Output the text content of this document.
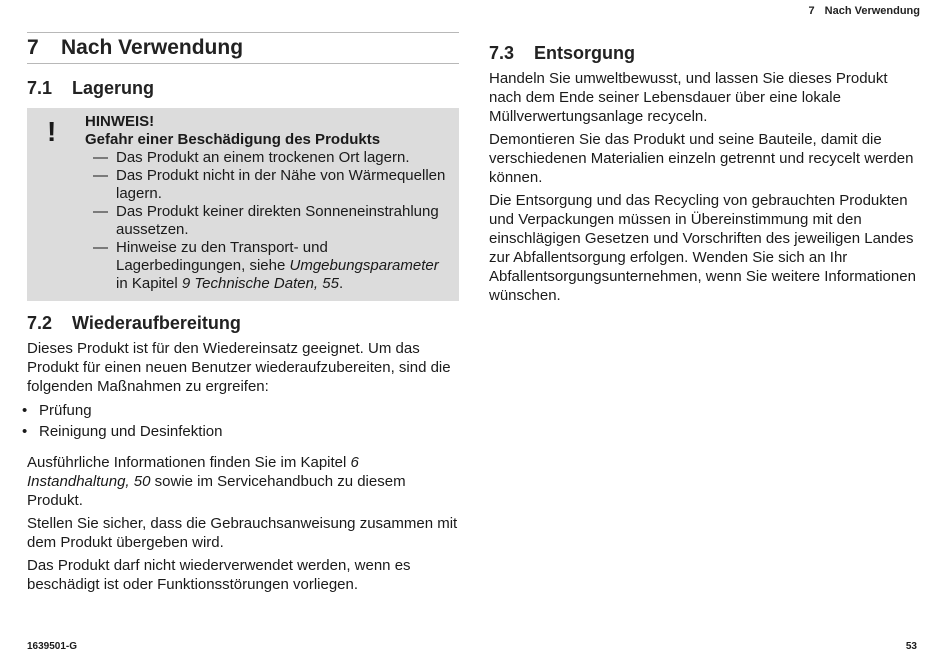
7 Nach Verwendung
7 Nach Verwendung
7.1 Lagerung
! HINWEIS!
Gefahr einer Beschädigung des Produkts
— Das Produkt an einem trockenen Ort lagern.
— Das Produkt nicht in der Nähe von Wärmequellen lagern.
— Das Produkt keiner direkten Sonneneinstrahlung aussetzen.
— Hinweise zu den Transport- und Lagerbedingungen, siehe Umgebungsparameter in Kapitel 9 Technische Daten, 55.
7.2 Wiederaufbereitung

Dieses Produkt ist für den Wiedereinsatz geeignet. Um das Produkt für einen neuen Benutzer wiederaufzubereiten, sind die folgenden Maßnahmen zu ergreifen:

• Prüfung
• Reinigung und Desinfektion

Ausführliche Informationen finden Sie im Kapitel 6 Instandhaltung, 50 sowie im Servicehandbuch zu diesem Produkt.

Stellen Sie sicher, dass die Gebrauchsanweisung zusammen mit dem Produkt übergeben wird.

Das Produkt darf nicht wiederverwendet werden, wenn es beschädigt ist oder Funktionsstörungen vorliegen.

7.3 Entsorgung

Handeln Sie umweltbewusst, und lassen Sie dieses Produkt nach dem Ende seiner Lebensdauer über eine lokale Müllverwertungsanlage recyceln.

Demontieren Sie das Produkt und seine Bauteile, damit die verschiedenen Materialien einzeln getrennt und recycelt werden können.

Die Entsorgung und das Recycling von gebrauchten Produkten und Verpackungen müssen in Übereinstimmung mit den einschlägigen Gesetzen und Vorschriften des jeweiligen Landes zur Abfallentsorgung erfolgen. Wenden Sie sich an Ihr Abfallentsorgungsunternehmen, wenn Sie weitere Informationen wünschen.

1639501-G	53
